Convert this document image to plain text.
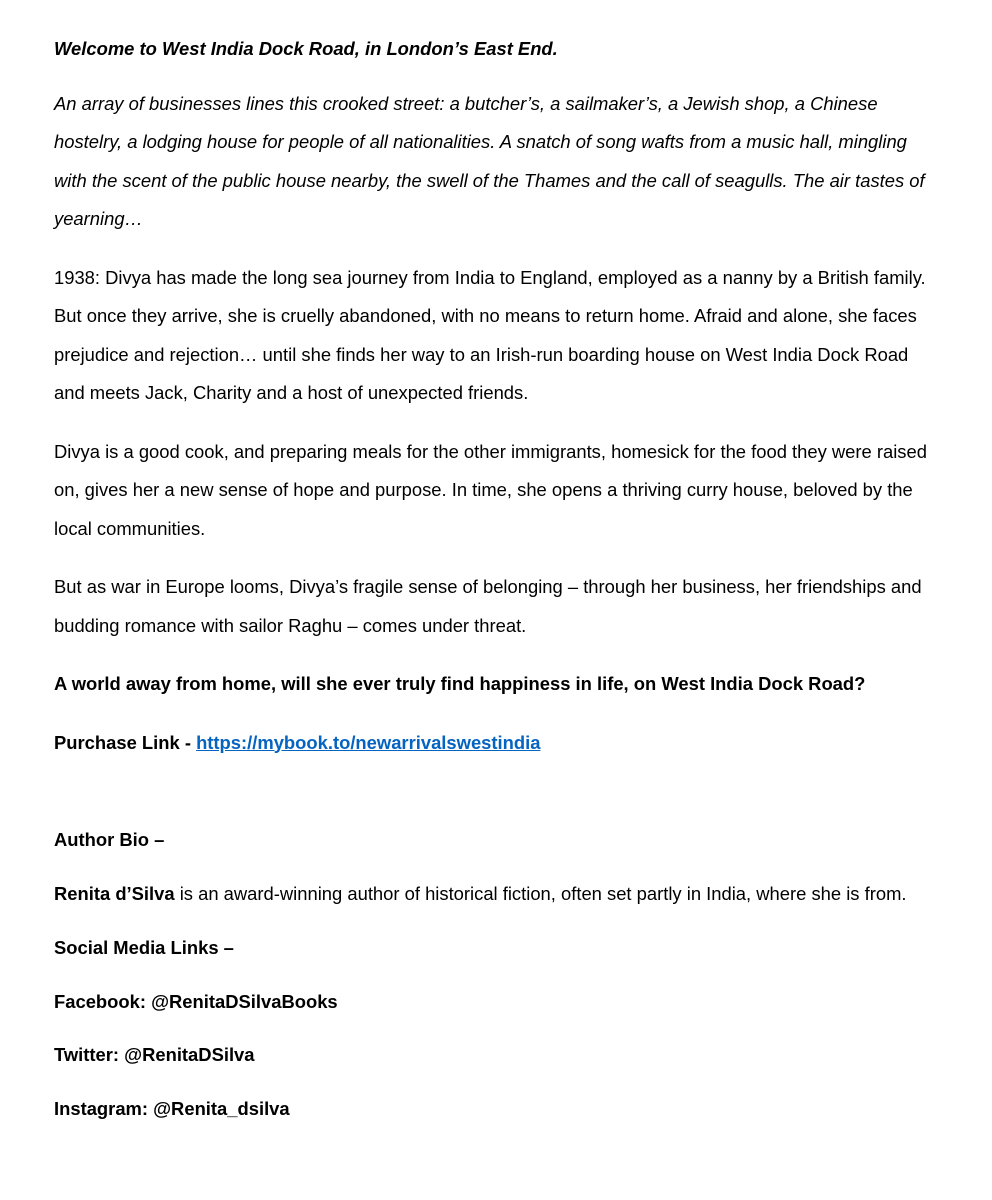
Welcome to West India Dock Road, in London’s East End.

An array of businesses lines this crooked street: a butcher’s, a sailmaker’s, a Jewish shop, a Chinese hostelry, a lodging house for people of all nationalities. A snatch of song wafts from a music hall, mingling with the scent of the public house nearby, the swell of the Thames and the call of seagulls. The air tastes of yearning…

1938: Divya has made the long sea journey from India to England, employed as a nanny by a British family. But once they arrive, she is cruelly abandoned, with no means to return home. Afraid and alone, she faces prejudice and rejection… until she finds her way to an Irish-run boarding house on West India Dock Road and meets Jack, Charity and a host of unexpected friends.

Divya is a good cook, and preparing meals for the other immigrants, homesick for the food they were raised on, gives her a new sense of hope and purpose. In time, she opens a thriving curry house, beloved by the local communities.

But as war in Europe looms, Divya’s fragile sense of belonging – through her business, her friendships and budding romance with sailor Raghu – comes under threat.

A world away from home, will she ever truly find happiness in life, on West India Dock Road?

Purchase Link - https://mybook.to/newarrivalswestindia

Author Bio –

Renita d’Silva is an award-winning author of historical fiction, often set partly in India, where she is from.

Social Media Links –

Facebook: @RenitaDSilvaBooks

Twitter: @RenitaDSilva

Instagram: @Renita_dsilva
